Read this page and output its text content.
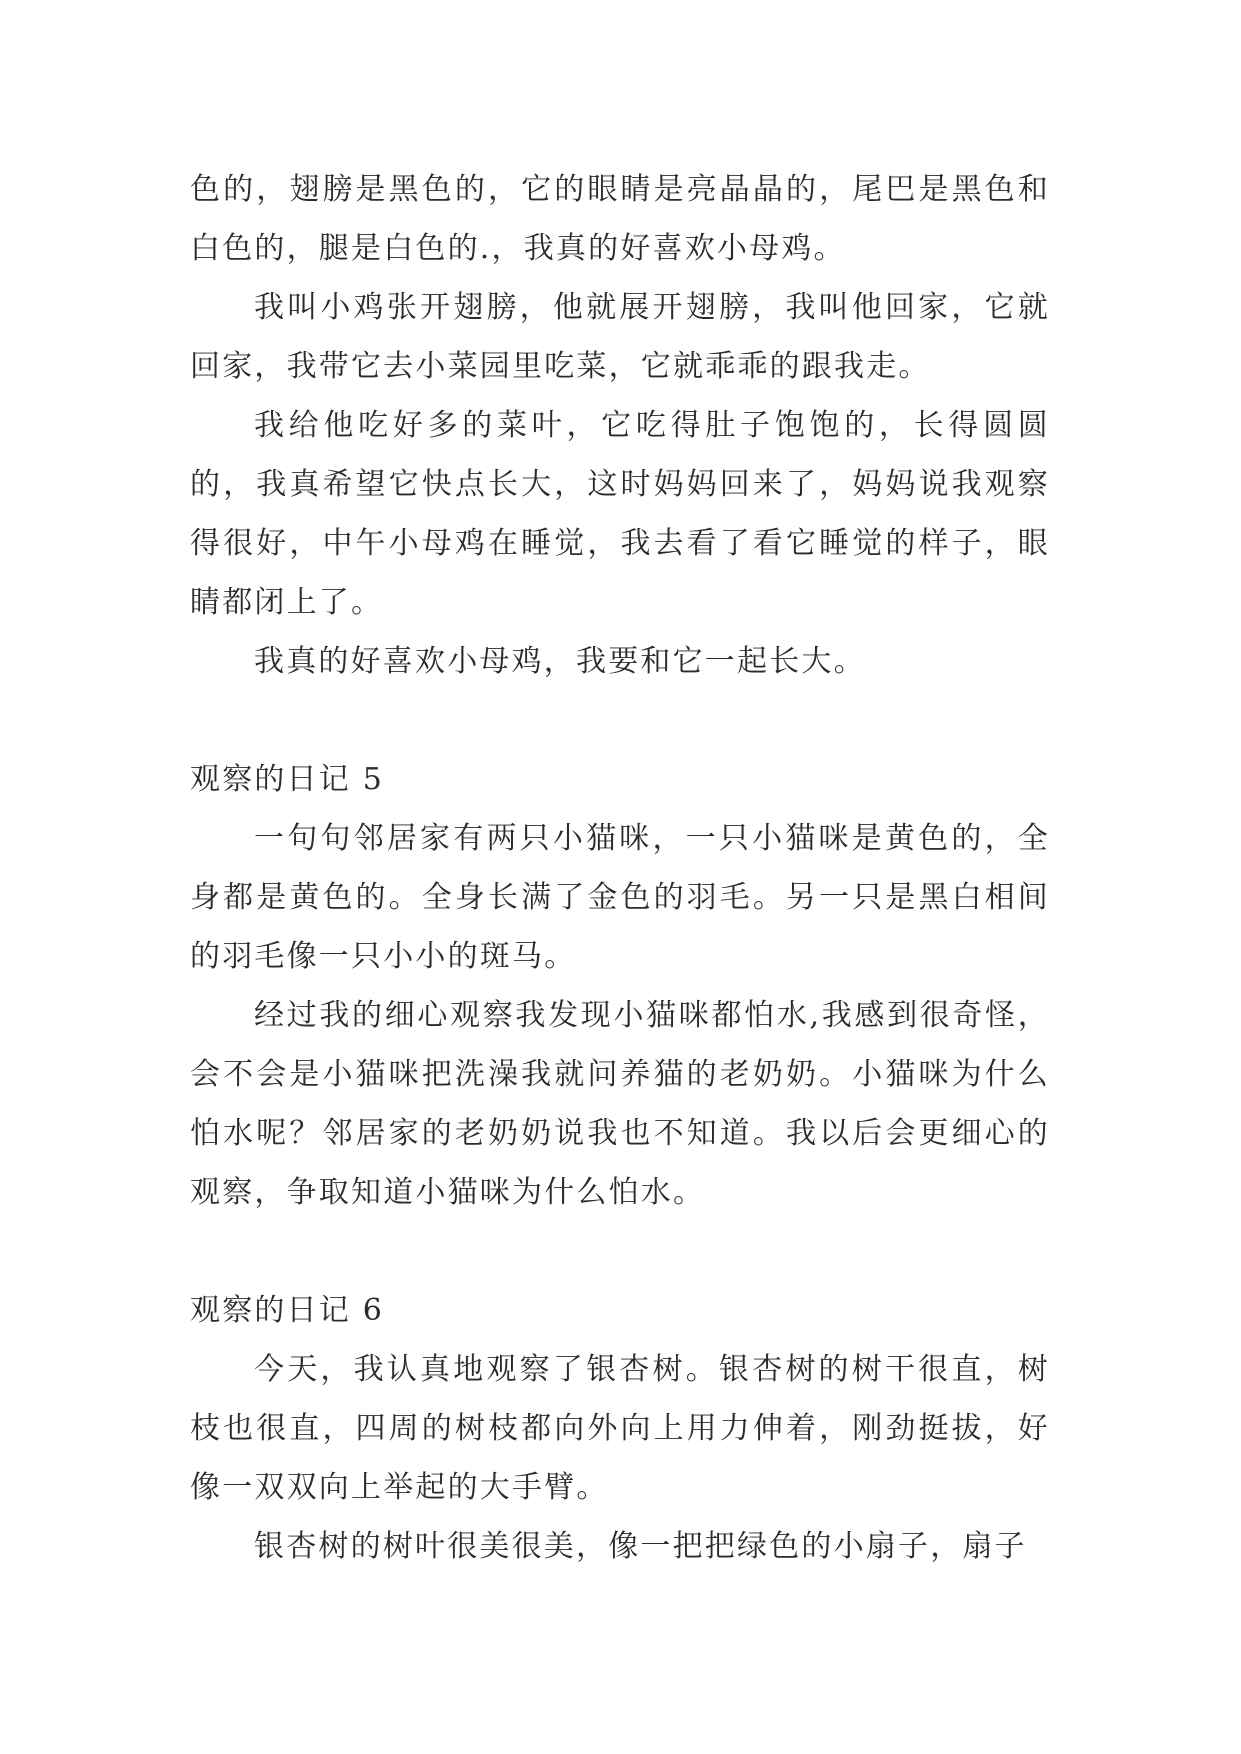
色的，翅膀是黑色的，它的眼睛是亮晶晶的，尾巴是黑色和白色的，腿是白色的.，我真的好喜欢小母鸡。

我叫小鸡张开翅膀，他就展开翅膀，我叫他回家，它就回家，我带它去小菜园里吃菜，它就乖乖的跟我走。

我给他吃好多的菜叶，它吃得肚子饱饱的，长得圆圆的，我真希望它快点长大，这时妈妈回来了，妈妈说我观察得很好，中午小母鸡在睡觉，我去看了看它睡觉的样子，眼睛都闭上了。

我真的好喜欢小母鸡，我要和它一起长大。

观察的日记 5

一句句邻居家有两只小猫咪，一只小猫咪是黄色的，全身都是黄色的。全身长满了金色的羽毛。另一只是黑白相间的羽毛像一只小小的斑马。

经过我的细心观察我发现小猫咪都怕水,我感到很奇怪，会不会是小猫咪把洗澡我就问养猫的老奶奶。小猫咪为什么怕水呢？邻居家的老奶奶说我也不知道。我以后会更细心的观察，争取知道小猫咪为什么怕水。

观察的日记 6

今天，我认真地观察了银杏树。银杏树的树干很直，树枝也很直，四周的树枝都向外向上用力伸着，刚劲挺拔，好像一双双向上举起的大手臂。

银杏树的树叶很美很美，像一把把绿色的小扇子，扇子
